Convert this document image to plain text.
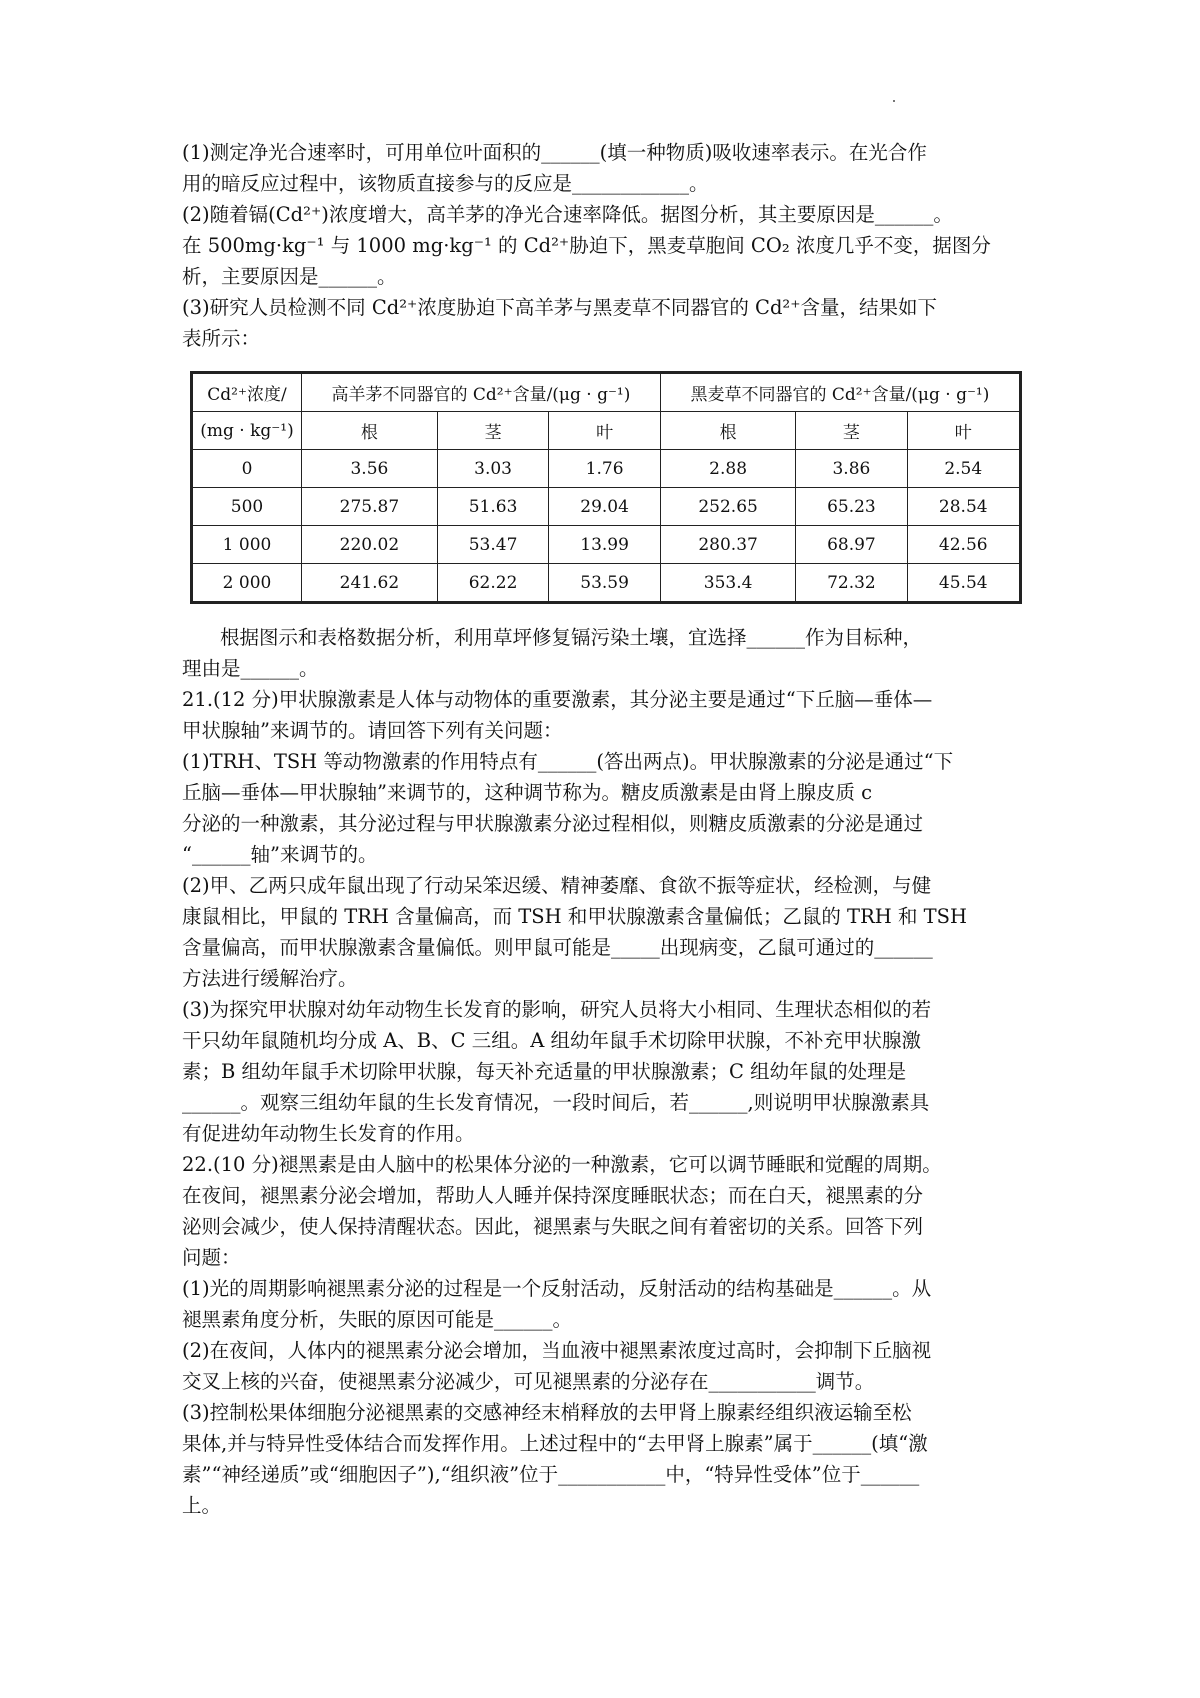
(1)测定净光合速率时，可用单位叶面积的______(填一种物质)吸收速率表示。在光合作
用的暗反应过程中，该物质直接参与的反应是____________。

(2)随着镉(Cd²⁺)浓度增大，高羊茅的净光合速率降低。据图分析，其主要原因是______。
在 500mg·kg⁻¹ 与 1000 mg·kg⁻¹ 的 Cd²⁺胁迫下，黑麦草胞间 CO₂ 浓度几乎不变，据图分
析，主要原因是______。

(3)研究人员检测不同 Cd²⁺浓度胁迫下高羊茅与黑麦草不同器官的 Cd²⁺含量，结果如下
表所示：

Cd²⁺浓度/	高羊茅不同器官的 Cd²⁺含量/(μg · g⁻¹)			黑麦草不同器官的 Cd²⁺含量/(μg · g⁻¹)		
(mg · kg⁻¹)	根	茎	叶	根	茎	叶
0	3.56	3.03	1.76	2.88	3.86	2.54
500	275.87	51.63	29.04	252.65	65.23	28.54
1 000	220.02	53.47	13.99	280.37	68.97	42.56
2 000	241.62	62.22	53.59	353.4	72.32	45.54

根据图示和表格数据分析，利用草坪修复镉污染土壤，宜选择______作为目标种，
理由是______。

21.(12 分)甲状腺激素是人体与动物体的重要激素，其分泌主要是通过“下丘脑—垂体—
甲状腺轴”来调节的。请回答下列有关问题：
(1)TRH、TSH 等动物激素的作用特点有______(答出两点)。甲状腺激素的分泌是通过“下
丘脑—垂体—甲状腺轴”来调节的，这种调节称为。糖皮质激素是由肾上腺皮质 c
分泌的一种激素，其分泌过程与甲状腺激素分泌过程相似，则糖皮质激素的分泌是通过
“______轴”来调节的。
(2)甲、乙两只成年鼠出现了行动呆笨迟缓、精神萎靡、食欲不振等症状，经检测，与健
康鼠相比，甲鼠的 TRH 含量偏高，而 TSH 和甲状腺激素含量偏低；乙鼠的 TRH 和 TSH
含量偏高，而甲状腺激素含量偏低。则甲鼠可能是_____出现病变，乙鼠可通过的______
方法进行缓解治疗。
(3)为探究甲状腺对幼年动物生长发育的影响，研究人员将大小相同、生理状态相似的若
干只幼年鼠随机均分成 A、B、C 三组。A 组幼年鼠手术切除甲状腺，不补充甲状腺激
素；B 组幼年鼠手术切除甲状腺，每天补充适量的甲状腺激素；C 组幼年鼠的处理是
______。观察三组幼年鼠的生长发育情况，一段时间后，若______,则说明甲状腺激素具
有促进幼年动物生长发育的作用。

22.(10 分)褪黑素是由人脑中的松果体分泌的一种激素，它可以调节睡眠和觉醒的周期。
在夜间，褪黑素分泌会增加，帮助人人睡并保持深度睡眠状态；而在白天，褪黑素的分
泌则会减少，使人保持清醒状态。因此，褪黑素与失眠之间有着密切的关系。回答下列
问题：
(1)光的周期影响褪黑素分泌的过程是一个反射活动，反射活动的结构基础是______。从
褪黑素角度分析，失眠的原因可能是______。
(2)在夜间，人体内的褪黑素分泌会增加，当血液中褪黑素浓度过高时，会抑制下丘脑视
交叉上核的兴奋，使褪黑素分泌减少，可见褪黑素的分泌存在___________调节。
(3)控制松果体细胞分泌褪黑素的交感神经末梢释放的去甲肾上腺素经组织液运输至松
果体,并与特异性受体结合而发挥作用。上述过程中的“去甲肾上腺素”属于______(填“激
素”“神经递质”或“细胞因子”),“组织液”位于___________中，“特异性受体”位于______
上。
